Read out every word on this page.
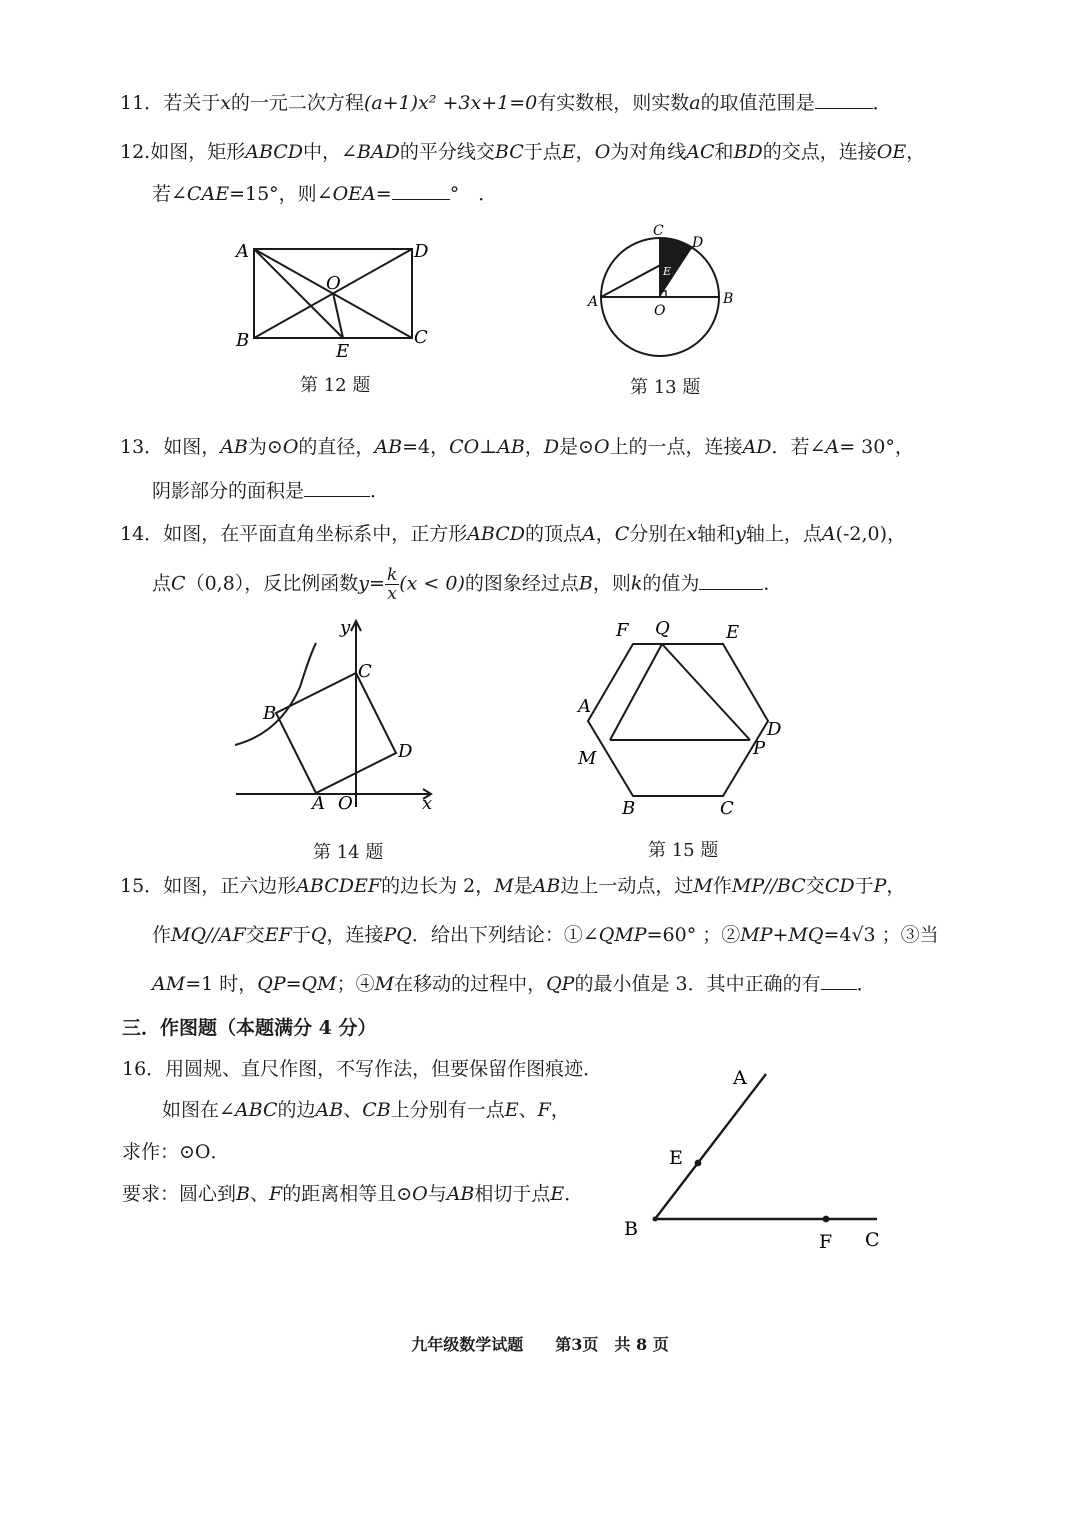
11．若关于x的一元二次方程(a+1)x² +3x+1=0有实数根，则实数a的取值范围是	．
12.如图，矩形ABCD中，∠BAD的平分线交BC于点E，O为对角线AC和BD的交点，连接OE，
若∠CAE=15°，则∠OEA=	°　．
A	D
B	C
O
E
第 12 题
C
D
E
A	B
O
第 13 题
13．如图，AB为⊙O的直径，AB=4，CO⊥AB，D是⊙O上的一点，连接AD．若∠A= 30°，
阴影部分的面积是	．
14．如图，在平面直角坐标系中，正方形ABCD的顶点A，C分别在x轴和y轴上，点A(-2,0)，
点C（0,8），反比例函数$y= \frac{k}{x} (x < 0)$的图象经过点B，则k的值为	．
y
x
B
C
D
A O
第 14 题
F Q	E
A
D
M	P
B	C
第 15 题
15．如图，正六边形ABCDEF的边长为 2，M是AB边上一动点，过M作MP//BC交CD于P，
作MQ//AF交EF于Q，连接PQ．给出下列结论：①∠QMP=60° ；②MP+MQ=4√3 ；③当
AM=1 时，QP=QM；④M在移动的过程中，QP的最小值是 3．其中正确的有 ．
三．作图题（本题满分 4 分）
16．用圆规、直尺作图，不写作法，但要保留作图痕迹．
如图在∠ABC的边AB、CB上分别有一点E、F，
求作：⊙O．
要求：圆心到B、F的距离相等且⊙O与AB相切于点E．
A
E
B
F C
九年级数学试题　　第3页　共 8 页
